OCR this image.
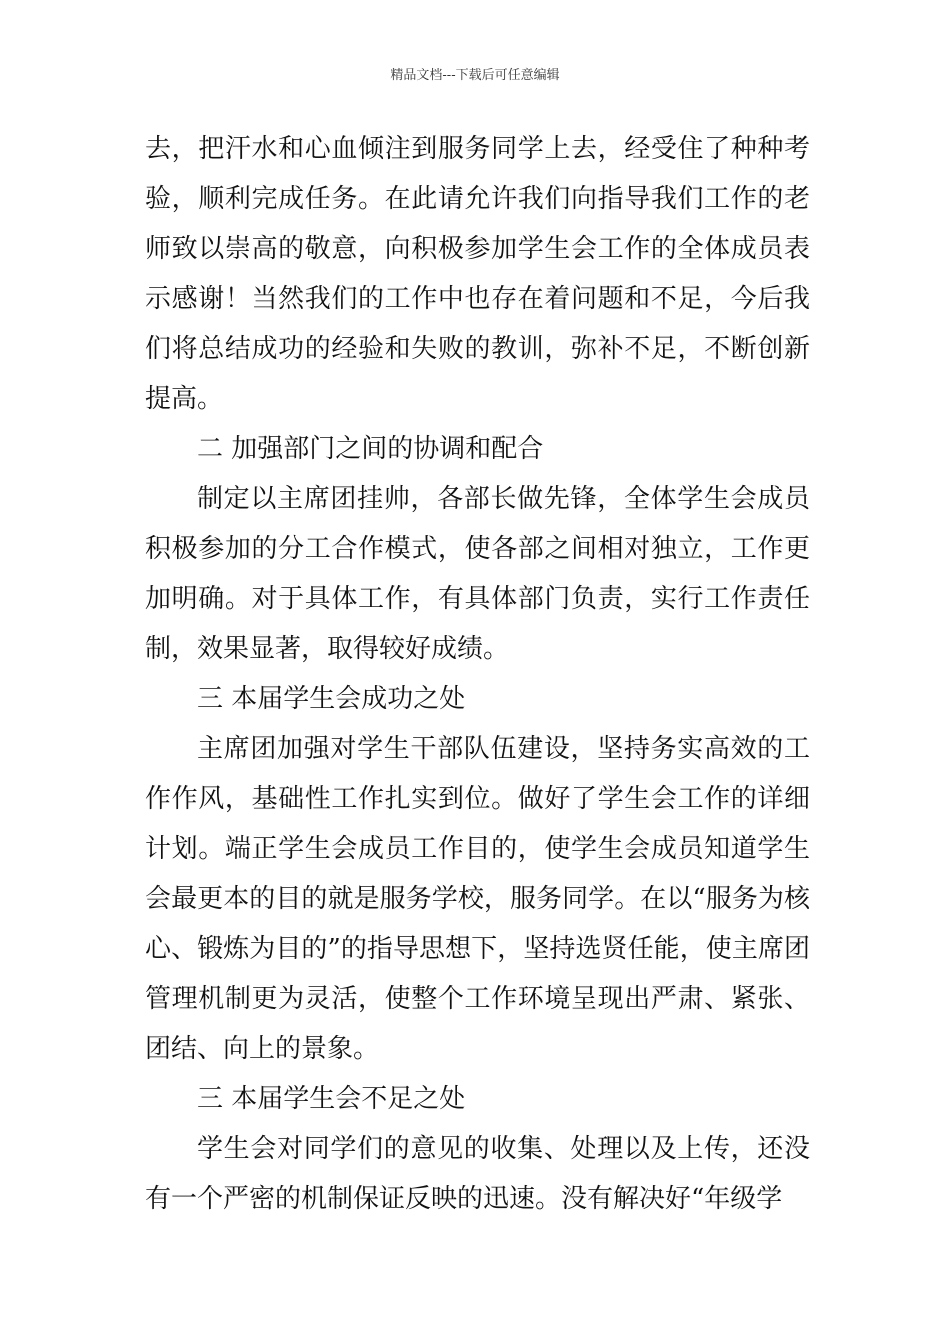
精品文档---下载后可任意编辑

去，把汗水和心血倾注到服务同学上去，经受住了种种考验，顺利完成任务。在此请允许我们向指导我们工作的老师致以崇高的敬意，向积极参加学生会工作的全体成员表示感谢！当然我们的工作中也存在着问题和不足，今后我们将总结成功的经验和失败的教训，弥补不足，不断创新提高。

二 加强部门之间的协调和配合

制定以主席团挂帅，各部长做先锋，全体学生会成员积极参加的分工合作模式，使各部之间相对独立，工作更加明确。对于具体工作，有具体部门负责，实行工作责任制，效果显著，取得较好成绩。

三 本届学生会成功之处

主席团加强对学生干部队伍建设，坚持务实高效的工作作风，基础性工作扎实到位。做好了学生会工作的详细计划。端正学生会成员工作目的，使学生会成员知道学生会最更本的目的就是服务学校，服务同学。在以“服务为核心、锻炼为目的”的指导思想下，坚持选贤任能，使主席团管理机制更为灵活，使整个工作环境呈现出严肃、紧张、团结、向上的景象。

三 本届学生会不足之处

学生会对同学们的意见的收集、处理以及上传，还没有一个严密的机制保证反映的迅速。没有解决好“年级学
